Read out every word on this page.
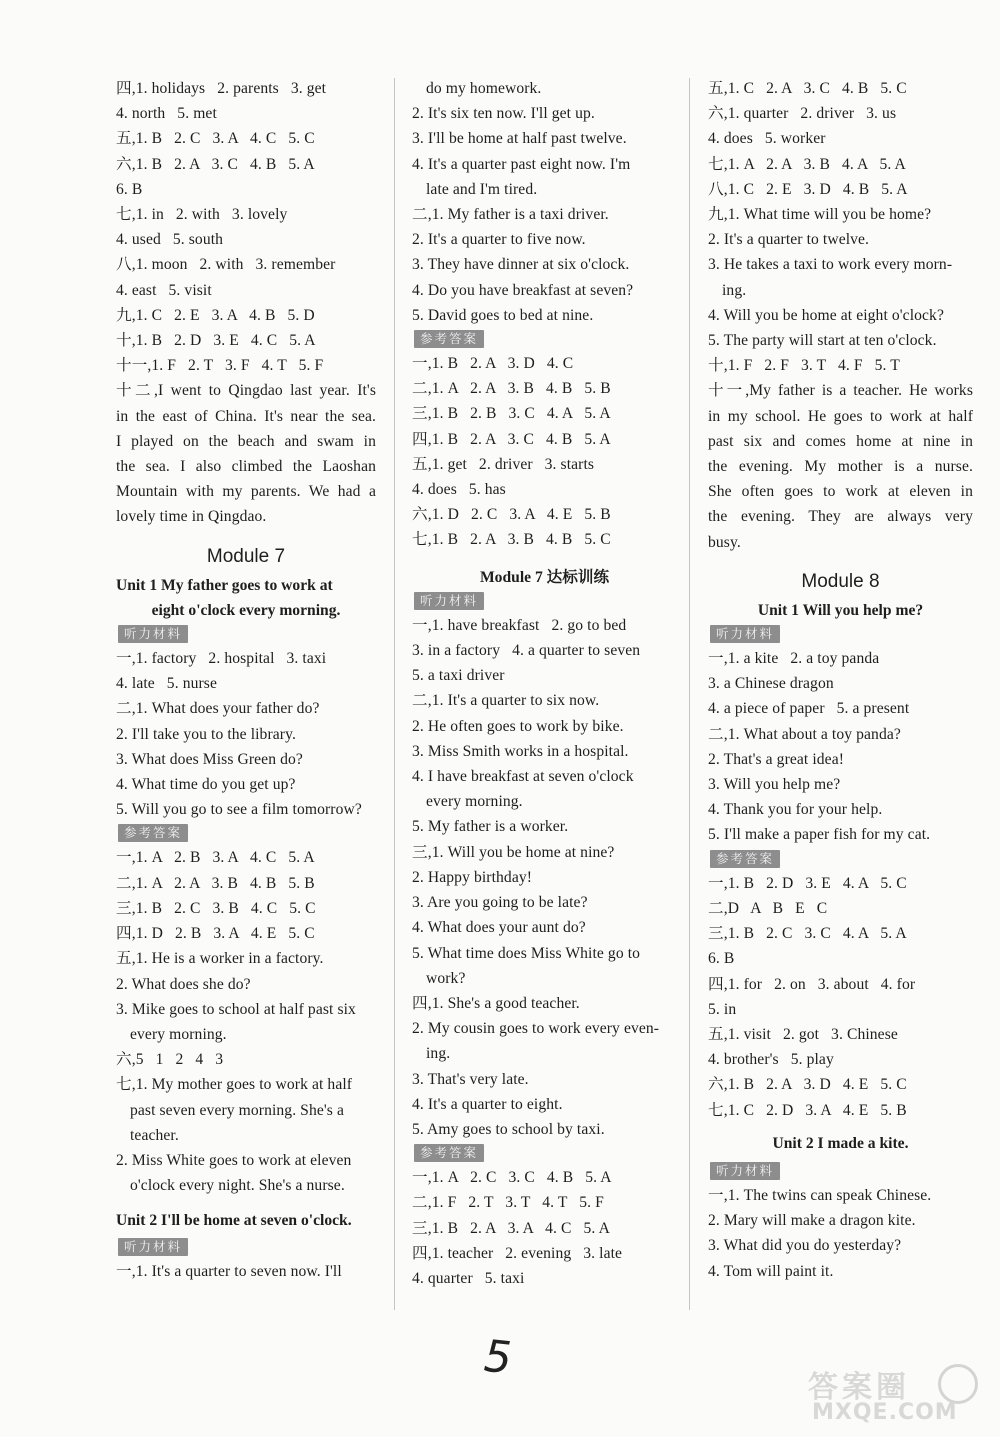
四,1. holidays   2. parents   3. get
4. north   5. met
五,1. B   2. C   3. A   4. C   5. C
六,1. B   2. A   3. C   4. B   5. A
6. B
七,1. in   2. with   3. lovely
4. used   5. south
八,1. moon   2. with   3. remember
4. east   5. visit
九,1. C   2. E   3. A   4. B   5. D
十,1. B   2. D   3. E   4. C   5. A
十一,1. F   2. T   3. F   4. T   5. F
十二,I went to Qingdao last year. It's
in the east of China. It's near the sea.
I played on the beach and swam in
the sea. I also climbed the Laoshan
Mountain with my parents. We had a
lovely time in Qingdao.
Module 7
Unit 1 My father goes to work at
eight o'clock every morning.
听力材料
一,1. factory   2. hospital   3. taxi
4. late   5. nurse
二,1. What does your father do?
2. I'll take you to the library.
3. What does Miss Green do?
4. What time do you get up?
5. Will you go to see a film tomorrow?
参考答案
一,1. A   2. B   3. A   4. C   5. A
二,1. A   2. A   3. B   4. B   5. B
三,1. B   2. C   3. B   4. C   5. C
四,1. D   2. B   3. A   4. E   5. C
五,1. He is a worker in a factory.
2. What does she do?
3. Mike goes to school at half past six
every morning.
六,5   1   2   4   3
七,1. My mother goes to work at half
past seven every morning. She's a
teacher.
2. Miss White goes to work at eleven
o'clock every night. She's a nurse.
Unit 2 I'll be home at seven o'clock.
听力材料
一,1. It's a quarter to seven now. I'll
do my homework.
2. It's six ten now. I'll get up.
3. I'll be home at half past twelve.
4. It's a quarter past eight now. I'm
late and I'm tired.
二,1. My father is a taxi driver.
2. It's a quarter to five now.
3. They have dinner at six o'clock.
4. Do you have breakfast at seven?
5. David goes to bed at nine.
参考答案
一,1. B   2. A   3. D   4. C
二,1. A   2. A   3. B   4. B   5. B
三,1. B   2. B   3. C   4. A   5. A
四,1. B   2. A   3. C   4. B   5. A
五,1. get   2. driver   3. starts
4. does   5. has
六,1. D   2. C   3. A   4. E   5. B
七,1. B   2. A   3. B   4. B   5. C
Module 7 达标训练
听力材料
一,1. have breakfast   2. go to bed
3. in a factory   4. a quarter to seven
5. a taxi driver
二,1. It's a quarter to six now.
2. He often goes to work by bike.
3. Miss Smith works in a hospital.
4. I have breakfast at seven o'clock
every morning.
5. My father is a worker.
三,1. Will you be home at nine?
2. Happy birthday!
3. Are you going to be late?
4. What does your aunt do?
5. What time does Miss White go to
work?
四,1. She's a good teacher.
2. My cousin goes to work every even-
ing.
3. That's very late.
4. It's a quarter to eight.
5. Amy goes to school by taxi.
参考答案
一,1. A   2. C   3. C   4. B   5. A
二,1. F   2. T   3. T   4. T   5. F
三,1. B   2. A   3. A   4. C   5. A
四,1. teacher   2. evening   3. late
4. quarter   5. taxi
五,1. C   2. A   3. C   4. B   5. C
六,1. quarter   2. driver   3. us
4. does   5. worker
七,1. A   2. A   3. B   4. A   5. A
八,1. C   2. E   3. D   4. B   5. A
九,1. What time will you be home?
2. It's a quarter to twelve.
3. He takes a taxi to work every morn-
ing.
4. Will you be home at eight o'clock?
5. The party will start at ten o'clock.
十,1. F   2. F   3. T   4. F   5. T
十一,My father is a teacher. He works
in my school. He goes to work at half
past six and comes home at nine in
the evening. My mother is a nurse.
She often goes to work at eleven in
the evening. They are always very
busy.
Module 8
Unit 1 Will you help me?
听力材料
一,1. a kite   2. a toy panda
3. a Chinese dragon
4. a piece of paper   5. a present
二,1. What about a toy panda?
2. That's a great idea!
3. Will you help me?
4. Thank you for your help.
5. I'll make a paper fish for my cat.
参考答案
一,1. B   2. D   3. E   4. A   5. C
二,D   A   B   E   C
三,1. B   2. C   3. C   4. A   5. A
6. B
四,1. for   2. on   3. about   4. for
5. in
五,1. visit   2. got   3. Chinese
4. brother's   5. play
六,1. B   2. A   3. D   4. E   5. C
七,1. C   2. D   3. A   4. E   5. B
Unit 2 I made a kite.
听力材料
一,1. The twins can speak Chinese.
2. Mary will make a dragon kite.
3. What did you do yesterday?
4. Tom will paint it.
5
答案圈
MXQE.COM
